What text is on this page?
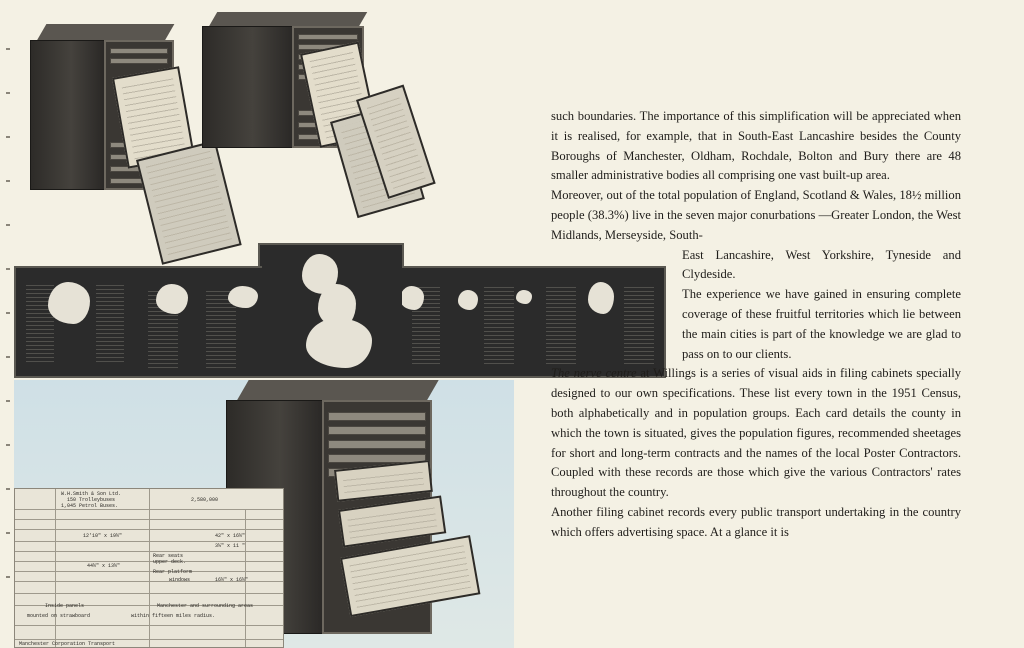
W.H.Smith & Son Ltd.
150 Trolleybuses
1,045 Petrol Buses.
2,580,000
12'10" x 19½"
44½" x 13½"
42" x 16½"
3¼" x 11 "
Rear seats
upper deck.
Rear platform
windows	16½" x 16½"
Inside panels
mounted on strawboard
Manchester and surrounding areas
within fifteen miles radius.
Manchester Corporation Transport
such boundaries. The importance of this simplification will be appreciated when it is realised, for example, that in South-East Lancashire besides the County Boroughs of Manchester, Oldham, Rochdale, Bolton and Bury there are 48 smaller administrative bodies all comprising one vast built-up area.
Moreover, out of the total population of England, Scotland & Wales, 18½ million people (38.3%) live in the seven major conurbations —Greater London, the West Midlands, Merseyside, South-
East Lancashire, West Yorkshire, Tyneside and Clydeside.
The experience we have gained in ensuring complete coverage of these fruitful territories which lie between the main cities is part of the knowledge we are glad to pass on to our clients.
The nerve centre at Willings is a series of visual aids in filing cabinets specially designed to our own specifications. These list every town in the 1951 Census, both alphabetically and in population groups. Each card details the county in which the town is situated, gives the population figures, recommended sheetages for short and long-term contracts and the names of the local Poster Contractors. Coupled with these records are those which give the various Contractors' rates throughout the country.
Another filing cabinet records every public transport undertaking in the country which offers advertising space. At a glance it is
